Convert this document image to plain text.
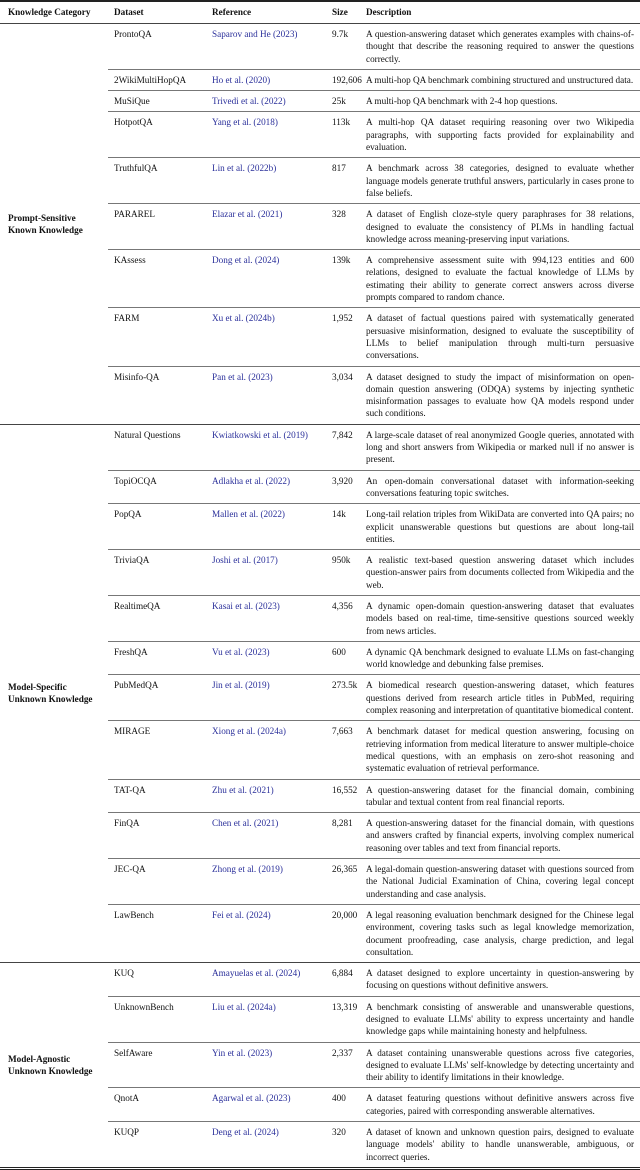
Knowledge Category	Dataset	Reference	Size	Description

Prompt-Sensitive
Known Knowledge	ProntoQA	Saparov and He (2023)	9.7k	A question-answering dataset which generates examples with chains-of-thought that describe the reasoning required to answer the questions correctly.
	2WikiMultiHopQA	Ho et al. (2020)	192,606	A multi-hop QA benchmark combining structured and unstructured data.
	MuSiQue	Trivedi et al. (2022)	25k	A multi-hop QA benchmark with 2-4 hop questions.
	HotpotQA	Yang et al. (2018)	113k	A multi-hop QA dataset requiring reasoning over two Wikipedia paragraphs, with supporting facts provided for explainability and evaluation.
	TruthfulQA	Lin et al. (2022b)	817	A benchmark across 38 categories, designed to evaluate whether language models generate truthful answers, particularly in cases prone to false beliefs.
	PARAREL	Elazar et al. (2021)	328	A dataset of English cloze-style query paraphrases for 38 relations, designed to evaluate the consistency of PLMs in handling factual knowledge across meaning-preserving input variations.
	KAssess	Dong et al. (2024)	139k	A comprehensive assessment suite with 994,123 entities and 600 relations, designed to evaluate the factual knowledge of LLMs by estimating their ability to generate correct answers across diverse prompts compared to random chance.
	FARM	Xu et al. (2024b)	1,952	A dataset of factual questions paired with systematically generated persuasive misinformation, designed to evaluate the susceptibility of LLMs to belief manipulation through multi-turn persuasive conversations.
	Misinfo-QA	Pan et al. (2023)	3,034	A dataset designed to study the impact of misinformation on open-domain question answering (ODQA) systems by injecting synthetic misinformation passages to evaluate how QA models respond under such conditions.

Model-Specific
Unknown Knowledge	Natural Questions	Kwiatkowski et al. (2019)	7,842	A large-scale dataset of real anonymized Google queries, annotated with long and short answers from Wikipedia or marked null if no answer is present.
	TopiOCQA	Adlakha et al. (2022)	3,920	An open-domain conversational dataset with information-seeking conversations featuring topic switches.
	PopQA	Mallen et al. (2022)	14k	Long-tail relation triples from WikiData are converted into QA pairs; no explicit unanswerable questions but questions are about long-tail entities.
	TriviaQA	Joshi et al. (2017)	950k	A realistic text-based question answering dataset which includes question-answer pairs from documents collected from Wikipedia and the web.
	RealtimeQA	Kasai et al. (2023)	4,356	A dynamic open-domain question-answering dataset that evaluates models based on real-time, time-sensitive questions sourced weekly from news articles.
	FreshQA	Vu et al. (2023)	600	A dynamic QA benchmark designed to evaluate LLMs on fast-changing world knowledge and debunking false premises.
	PubMedQA	Jin et al. (2019)	273.5k	A biomedical research question-answering dataset, which features questions derived from research article titles in PubMed, requiring complex reasoning and interpretation of quantitative biomedical content.
	MIRAGE	Xiong et al. (2024a)	7,663	A benchmark dataset for medical question answering, focusing on retrieving information from medical literature to answer multiple-choice medical questions, with an emphasis on zero-shot reasoning and systematic evaluation of retrieval performance.
	TAT-QA	Zhu et al. (2021)	16,552	A question-answering dataset for the financial domain, combining tabular and textual content from real financial reports.
	FinQA	Chen et al. (2021)	8,281	A question-answering dataset for the financial domain, with questions and answers crafted by financial experts, involving complex numerical reasoning over tables and text from financial reports.
	JEC-QA	Zhong et al. (2019)	26,365	A legal-domain question-answering dataset with questions sourced from the National Judicial Examination of China, covering legal concept understanding and case analysis.
	LawBench	Fei et al. (2024)	20,000	A legal reasoning evaluation benchmark designed for the Chinese legal environment, covering tasks such as legal knowledge memorization, document proofreading, case analysis, charge prediction, and legal consultation.

Model-Agnostic
Unknown Knowledge	KUQ	Amayuelas et al. (2024)	6,884	A dataset designed to explore uncertainty in question-answering by focusing on questions without definitive answers.
	UnknownBench	Liu et al. (2024a)	13,319	A benchmark consisting of answerable and unanswerable questions, designed to evaluate LLMs' ability to express uncertainty and handle knowledge gaps while maintaining honesty and helpfulness.
	SelfAware	Yin et al. (2023)	2,337	A dataset containing unanswerable questions across five categories, designed to evaluate LLMs' self-knowledge by detecting uncertainty and their ability to identify limitations in their knowledge.
	QnotA	Agarwal et al. (2023)	400	A dataset featuring questions without definitive answers across five categories, paired with corresponding answerable alternatives.
	KUQP	Deng et al. (2024)	320	A dataset of known and unknown question pairs, designed to evaluate language models' ability to handle unanswerable, ambiguous, or incorrect queries.
